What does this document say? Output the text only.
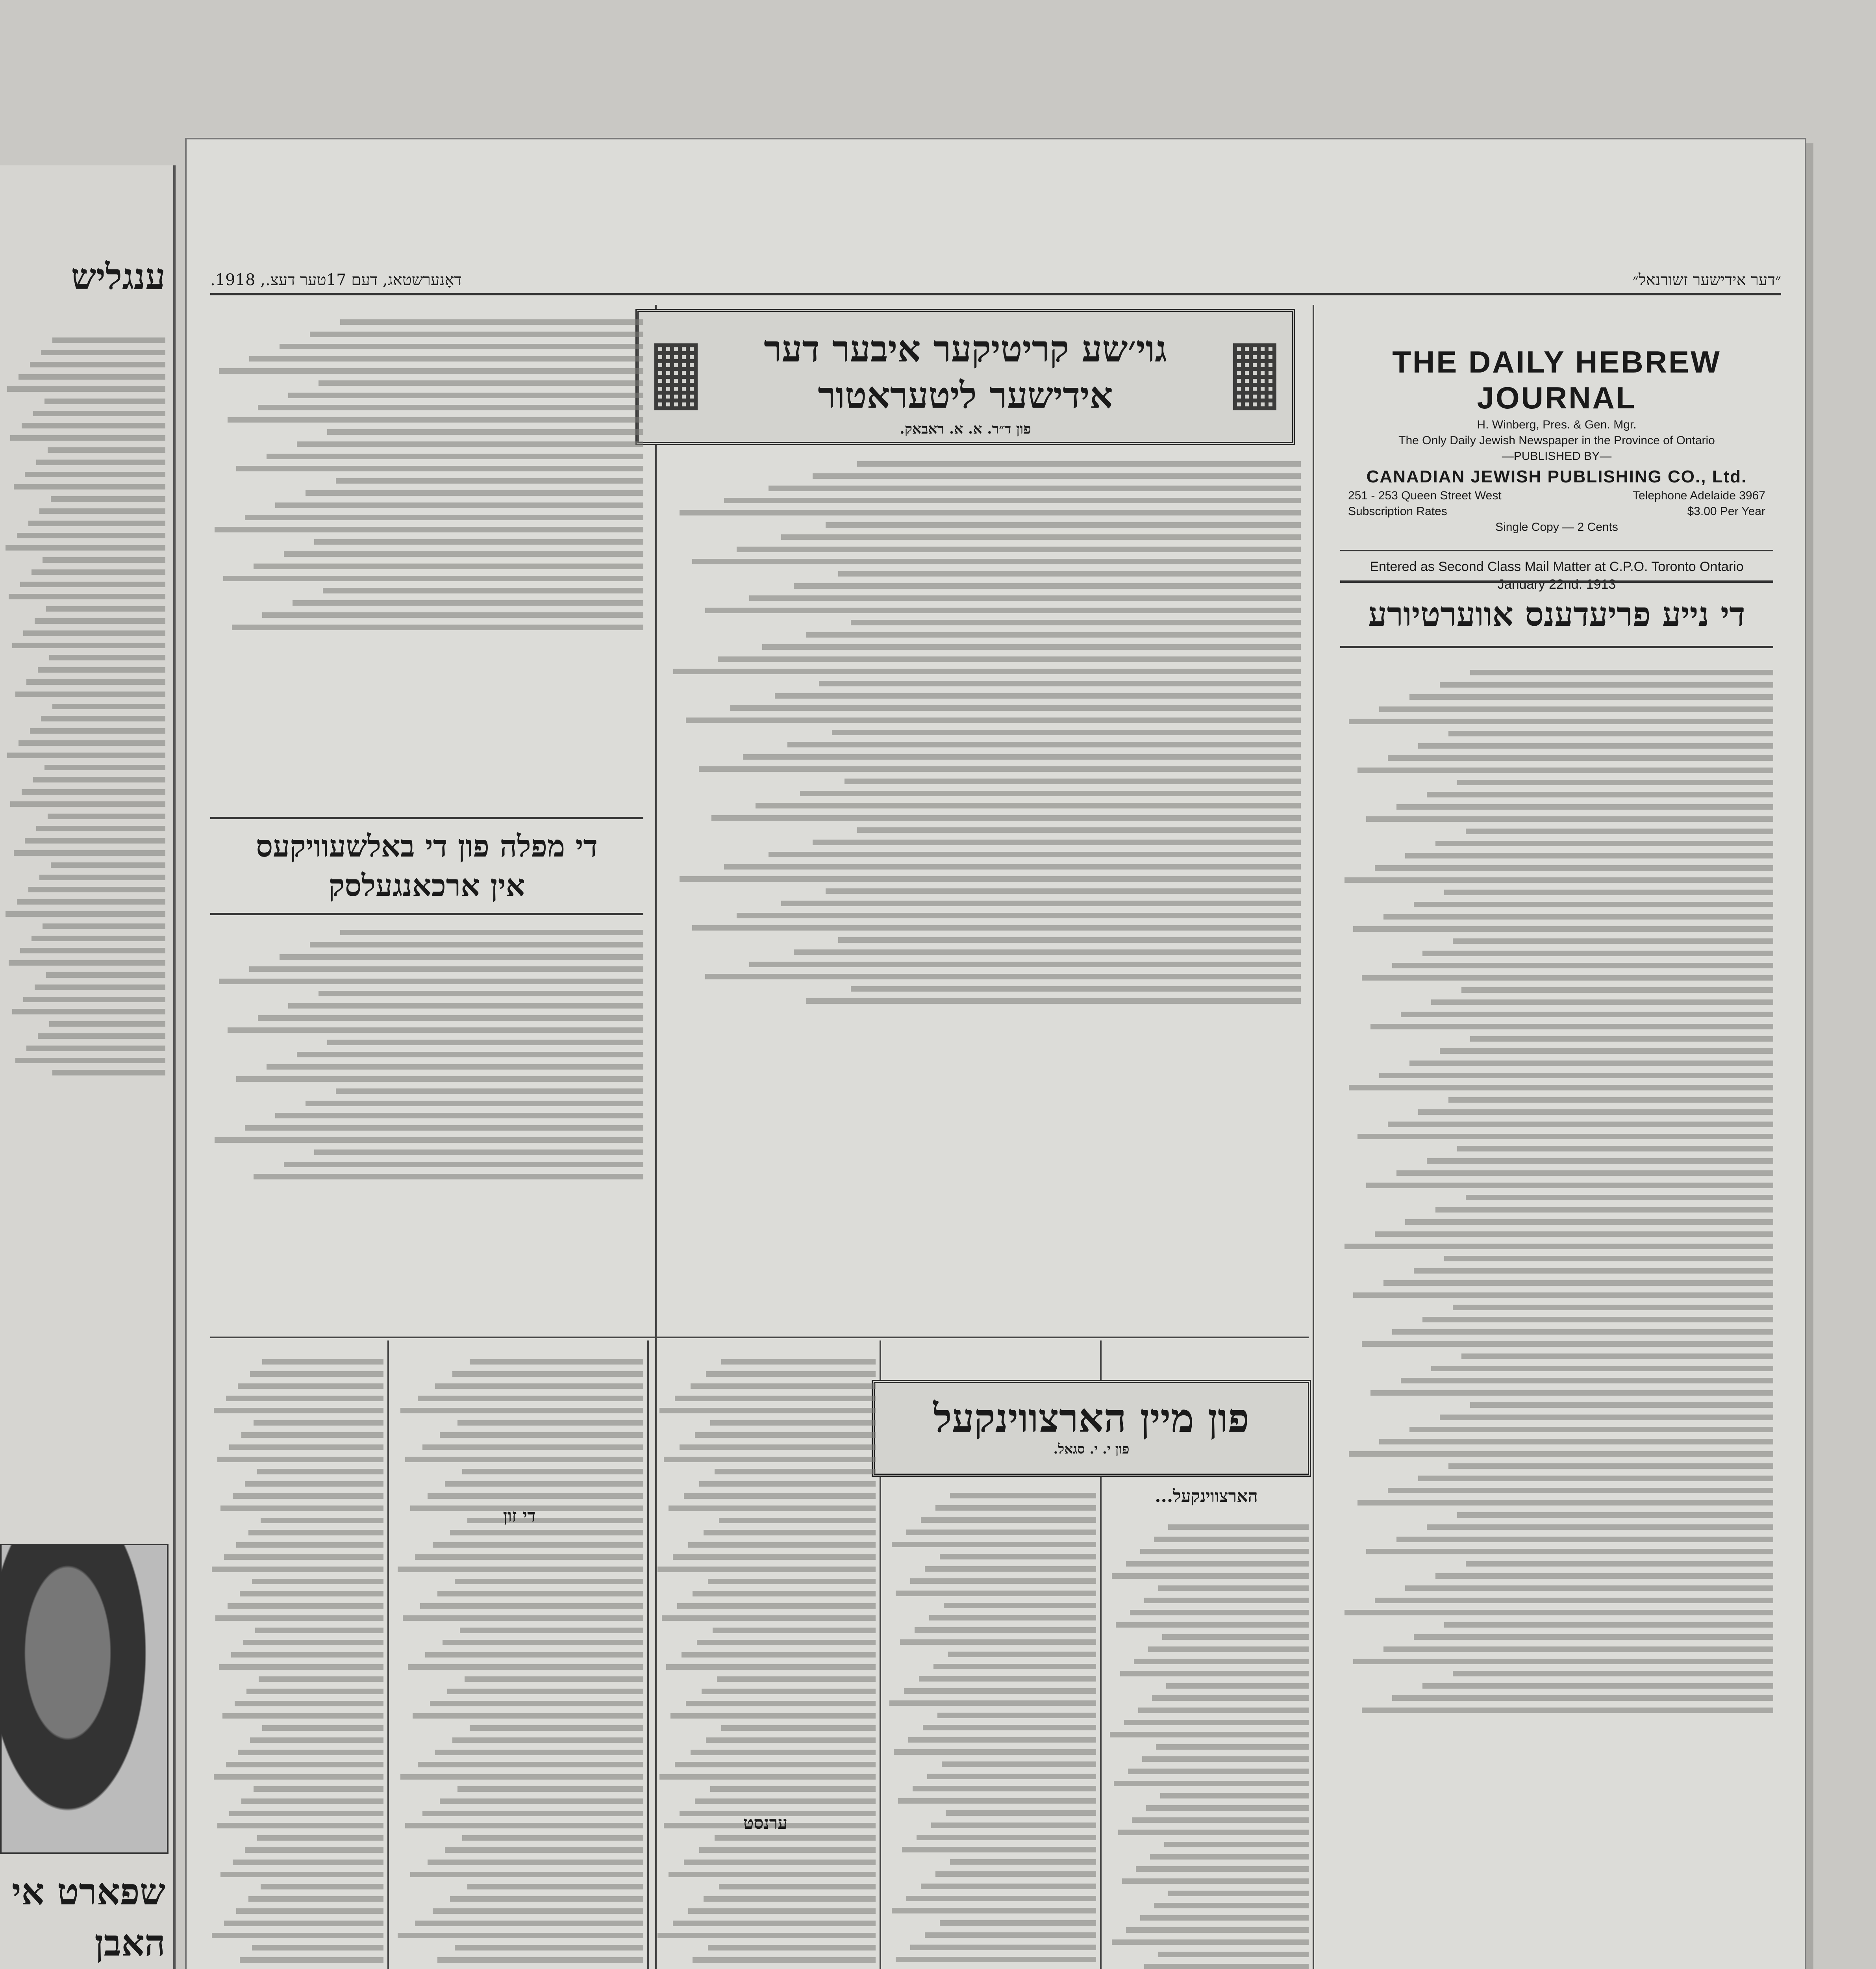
ענגליש
שפארט אי
האבן
״דער אידישער זשורנאל״
דאָנערשטאג, דעם 17טער דעצ., 1918.
THE DAILY HEBREW JOURNAL
H. Winberg, Pres. & Gen. Mgr.
The Only Daily Jewish Newspaper in the Province of Ontario
—PUBLISHED BY—
CANADIAN JEWISH PUBLISHING CO., Ltd.
251 - 253 Queen Street West	Telephone Adelaide 3967
Subscription Rates	$3.00 Per Year
Single Copy — 2 Cents
Entered as Second Class Mail Matter at C.P.O. Toronto Ontario
January 22nd. 1913
די נייע פריעדענס אווערטיורע
גוי׳שע קריטיקער איבער דער
אידישער ליטעראטור
פון ד״ר. א. א. ראבאק.
די מפלה פון די באלשעוויקעס
אין ארכאנגעלסק
פון מיין הארצווינקעל
פון י. י. סגאל.
הארצווינקעל...
די זון
ערנסט
